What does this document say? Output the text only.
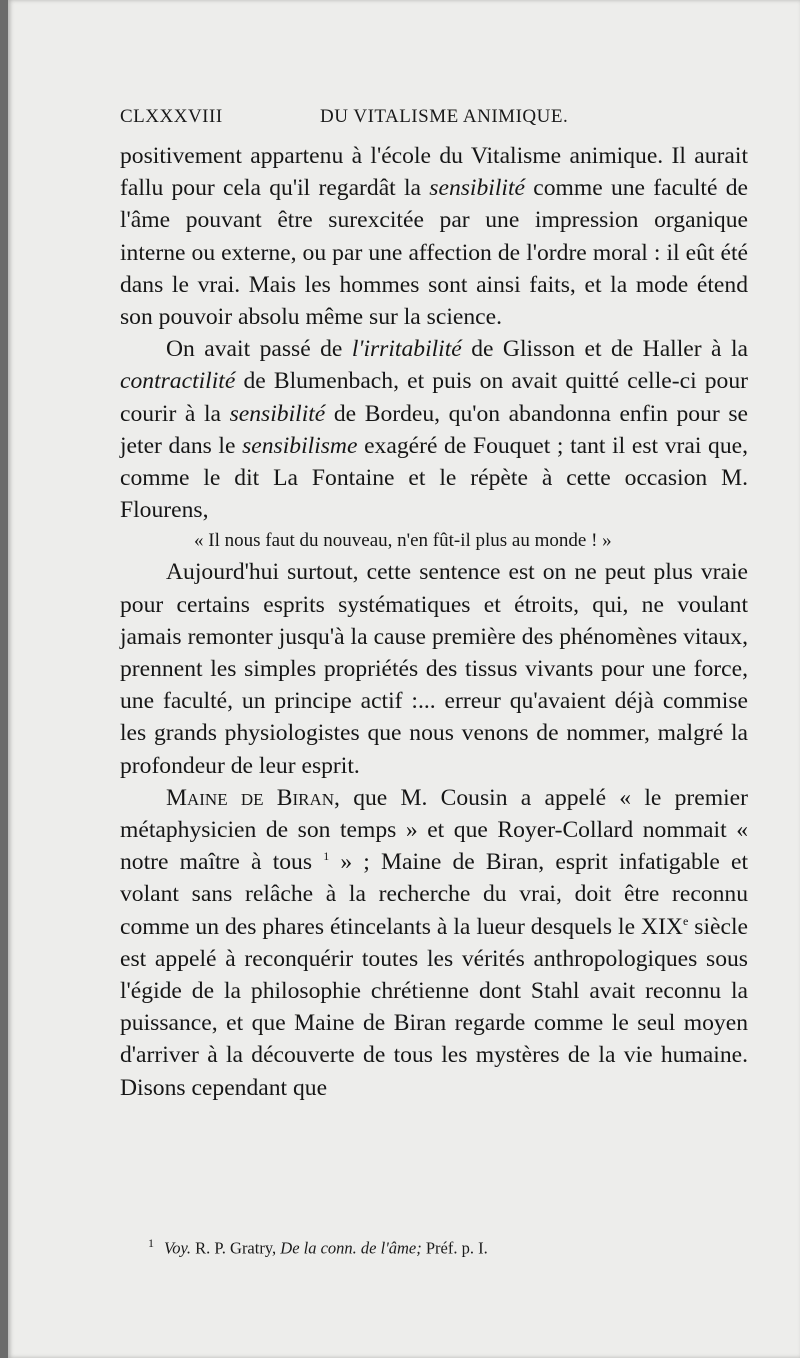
CLXXXVIII	DU VITALISME ANIMIQUE.

positivement appartenu à l'école du Vitalisme animique. Il aurait fallu pour cela qu'il regardât la sensibilité comme une faculté de l'âme pouvant être surexcitée par une impression organique interne ou externe, ou par une affection de l'ordre moral : il eût été dans le vrai. Mais les hommes sont ainsi faits, et la mode étend son pouvoir absolu même sur la science.

On avait passé de l'irritabilité de Glisson et de Haller à la contractilité de Blumenbach, et puis on avait quitté celle-ci pour courir à la sensibilité de Bordeu, qu'on abandonna enfin pour se jeter dans le sensibilisme exagéré de Fouquet ; tant il est vrai que, comme le dit La Fontaine et le répète à cette occasion M. Flourens,

« Il nous faut du nouveau, n'en fût-il plus au monde ! »

Aujourd'hui surtout, cette sentence est on ne peut plus vraie pour certains esprits systématiques et étroits, qui, ne voulant jamais remonter jusqu'à la cause première des phénomènes vitaux, prennent les simples propriétés des tissus vivants pour une force, une faculté, un principe actif :... erreur qu'avaient déjà commise les grands physiologistes que nous venons de nommer, malgré la profondeur de leur esprit.

Maine de Biran, que M. Cousin a appelé « le premier métaphysicien de son temps » et que Royer-Collard nommait « notre maître à tous $^1$ » ; Maine de Biran, esprit infatigable et volant sans relâche à la recherche du vrai, doit être reconnu comme un des phares étincelants à la lueur desquels le XIXe siècle est appelé à reconquérir toutes les vérités anthropologiques sous l'égide de la philosophie chrétienne dont Stahl avait reconnu la puissance, et que Maine de Biran regarde comme le seul moyen d'arriver à la découverte de tous les mystères de la vie humaine. Disons cependant que

$^1$ Voy. R. P. Gratry, De la conn. de l'âme; Préf. p. I.
